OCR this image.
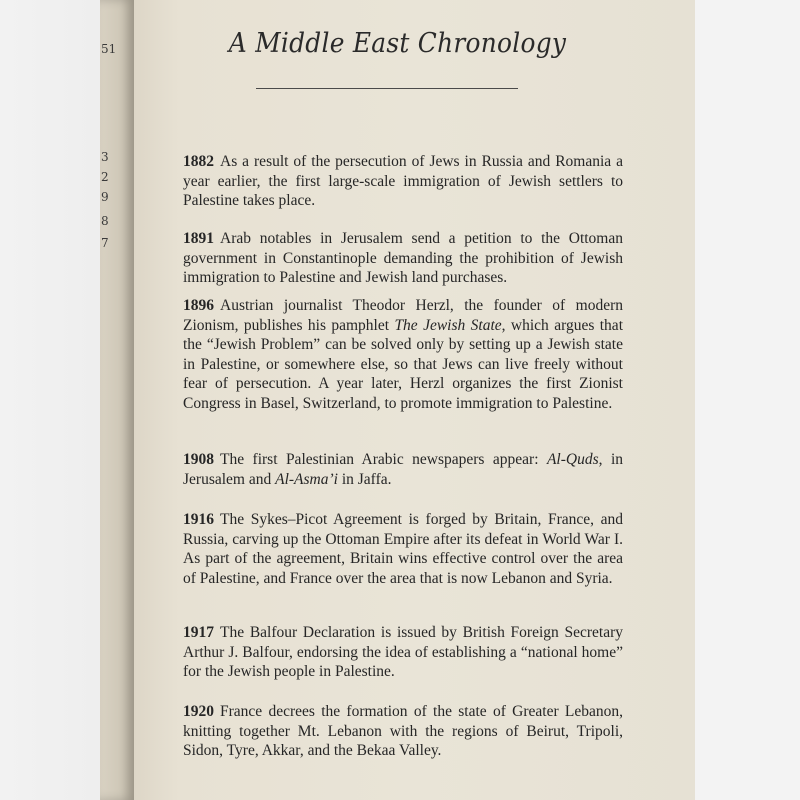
51
3
2
9
8
7
A Middle East Chronology
1882 As a result of the persecution of Jews in Russia and Romania a year earlier, the first large-scale immigration of Jewish settlers to Palestine takes place.
1891 Arab notables in Jerusalem send a petition to the Ottoman government in Constantinople demanding the prohibition of Jewish immigration to Palestine and Jewish land purchases.
1896 Austrian journalist Theodor Herzl, the founder of modern Zionism, publishes his pamphlet The Jewish State, which argues that the “Jewish Problem” can be solved only by setting up a Jewish state in Palestine, or somewhere else, so that Jews can live freely without fear of persecution. A year later, Herzl organizes the first Zionist Congress in Basel, Switzerland, to promote immigration to Palestine.
1908 The first Palestinian Arabic newspapers appear: Al-Quds, in Jerusalem and Al-Asma’i in Jaffa.
1916 The Sykes–Picot Agreement is forged by Britain, France, and Russia, carving up the Ottoman Empire after its defeat in World War I. As part of the agreement, Britain wins effective control over the area of Palestine, and France over the area that is now Lebanon and Syria.
1917 The Balfour Declaration is issued by British Foreign Secretary Arthur J. Balfour, endorsing the idea of establishing a “national home” for the Jewish people in Palestine.
1920 France decrees the formation of the state of Greater Lebanon, knitting together Mt. Lebanon with the regions of Beirut, Tripoli, Sidon, Tyre, Akkar, and the Bekaa Valley.
